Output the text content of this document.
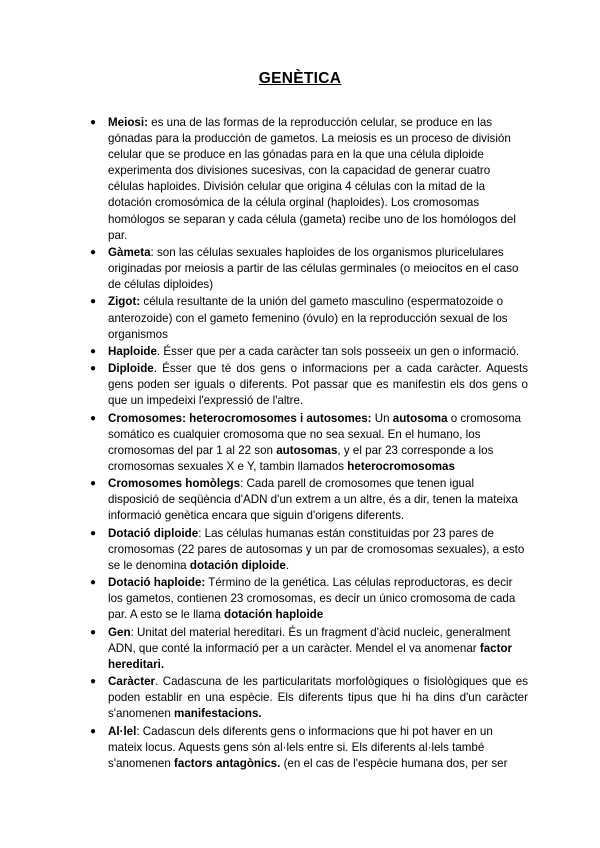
GENÈTICA
● Meiosi: es una de las formas de la reproducción celular, se produce en las gónadas para la producción de gametos. La meiosis es un proceso de división celular que se produce en las gónadas para en la que una célula diploide experimenta dos divisiones sucesivas, con la capacidad de generar cuatro células haploides. División celular que origina 4 células con la mitad de la dotación cromosómica de la célula orginal (haploides). Los cromosomas homólogos se separan y cada célula (gameta) recibe uno de los homólogos del par.
● Gàmeta: son las células sexuales haploides de los organismos pluricelulares originadas por meiosis a partir de las células germinales (o meiocitos en el caso de células diploides)
● Zigot: célula resultante de la unión del gameto masculino (espermatozoide o anterozoide) con el gameto femenino (óvulo) en la reproducción sexual de los organismos
● Haploide. Ésser que per a cada caràcter tan sols posseeix un gen o informació.
● Diploide. Ésser que té dos gens o informacions per a cada caràcter. Aquests gens poden ser iguals o diferents. Pot passar que es manifestin els dos gens o que un impedeixi l'expressió de l'altre.
● Cromosomes: heterocromosomes i autosomes: Un autosoma o cromosoma somático es cualquier cromosoma que no sea sexual. En el humano, los cromosomas del par 1 al 22 son autosomas, y el par 23 corresponde a los cromosomas sexuales X e Y, tambin llamados heterocromosomas
● Cromosomes homòlegs: Cada parell de cromosomes que tenen igual disposició de seqüència d'ADN d'un extrem a un altre, és a dir, tenen la mateixa informació genètica encara que siguin d'origens diferents.
● Dotació diploide: Las células humanas están constituidas por 23 pares de cromosomas (22 pares de autosomas y un par de cromosomas sexuales), a esto se le denomina dotación diploide.
● Dotació haploide: Término de la genética. Las células reproductoras, es decir los gametos, contienen 23 cromosomas, es decir un único cromosoma de cada par. A esto se le llama dotación haploide
● Gen: Unitat del material hereditari. És un fragment d'àcid nucleic, generalment ADN, que conté la informació per a un caràcter. Mendel el va anomenar factor hereditari.
● Caràcter. Cadascuna de les particularitats morfològiques o fisiològiques que es poden establir en una espècie. Els diferents tipus que hi ha dins d'un caràcter s'anomenen manifestacions.
● Al·lel: Cadascun dels diferents gens o informacions que hi pot haver en un mateix locus. Aquests gens són al·lels entre si. Els diferents al·lels també s'anomenen factors antagònics. (en el cas de l'espècie humana dos, per ser
